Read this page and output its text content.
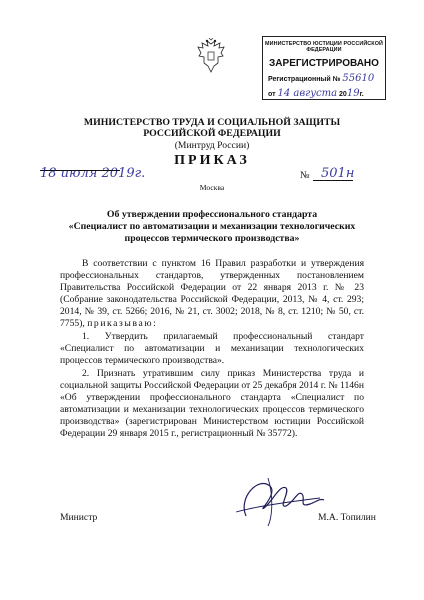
МИНИСТЕРСТВО ЮСТИЦИИ РОССИЙСКОЙ ФЕДЕРАЦИИ
ЗАРЕГИСТРИРОВАНО
Регистрационный № 55610
от 14 августа 2019г.
МИНИСТЕРСТВО ТРУДА И СОЦИАЛЬНОЙ ЗАЩИТЫ
РОССИЙСКОЙ ФЕДЕРАЦИИ
(Минтруд России)
ПРИКАЗ
18 июля 2019г.
Москва
№ 501н
Об утверждении профессионального стандарта
«Специалист по автоматизации и механизации технологических
процессов термического производства»

В соответствии с пунктом 16 Правил разработки и утверждения профессиональных стандартов, утвержденных постановлением Правительства Российской Федерации от 22 января 2013 г. № 23 (Собрание законодательства Российской Федерации, 2013, № 4, ст. 293; 2014, № 39, ст. 5266; 2016, № 21, ст. 3002; 2018, № 8, ст. 1210; № 50, ст. 7755), приказываю:

1. Утвердить прилагаемый профессиональный стандарт «Специалист по автоматизации и механизации технологических процессов термического производства».

2. Признать утратившим силу приказ Министерства труда и социальной защиты Российской Федерации от 25 декабря 2014 г. № 1146н «Об утверждении профессионального стандарта «Специалист по автоматизации и механизации технологических процессов термического производства» (зарегистрирован Министерством юстиции Российской Федерации 29 января 2015 г., регистрационный № 35772).

Министр	М.А. Топилин
